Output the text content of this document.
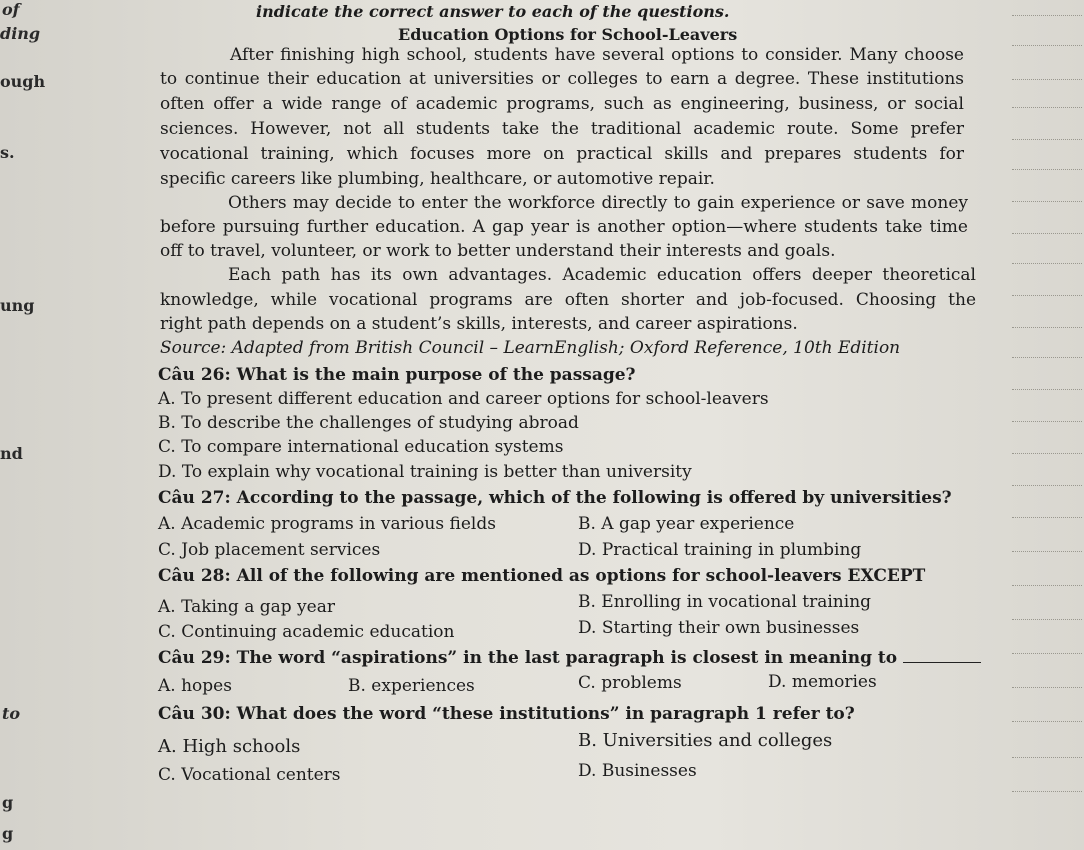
of
ding
ough
s.
ung
nd
to
g
g
indicate the correct answer to each of the questions.
Education Options for School-Leavers
After finishing high school, students have several options to consider. Many choose
to continue their education at universities or colleges to earn a degree. These institutions
often offer a wide range of academic programs, such as engineering, business, or social
sciences. However, not all students take the traditional academic route. Some prefer
vocational training, which focuses more on practical skills and prepares students for
specific careers like plumbing, healthcare, or automotive repair.
Others may decide to enter the workforce directly to gain experience or save money
before pursuing further education. A gap year is another option—where students take time
off to travel, volunteer, or work to better understand their interests and goals.
Each path has its own advantages. Academic education offers deeper theoretical
knowledge, while vocational programs are often shorter and job-focused. Choosing the
right path depends on a student’s skills, interests, and career aspirations.
Source: Adapted from British Council – LearnEnglish; Oxford Reference, 10th Edition
Câu 26: What is the main purpose of the passage?
A. To present different education and career options for school-leavers
B. To describe the challenges of studying abroad
C. To compare international education systems
D. To explain why vocational training is better than university
Câu 27: According to the passage, which of the following is offered by universities?
A. Academic programs in various fields	B. A gap year experience
C. Job placement services	D. Practical training in plumbing
Câu 28: All of the following are mentioned as options for school-leavers EXCEPT
A. Taking a gap year	B. Enrolling in vocational training
C. Continuing academic education	D. Starting their own businesses
Câu 29: The word “aspirations” in the last paragraph is closest in meaning to
A. hopes	B. experiences	C. problems	D. memories
Câu 30: What does the word “these institutions” in paragraph 1 refer to?
A. High schools	B. Universities and colleges
C. Vocational centers	D. Businesses
